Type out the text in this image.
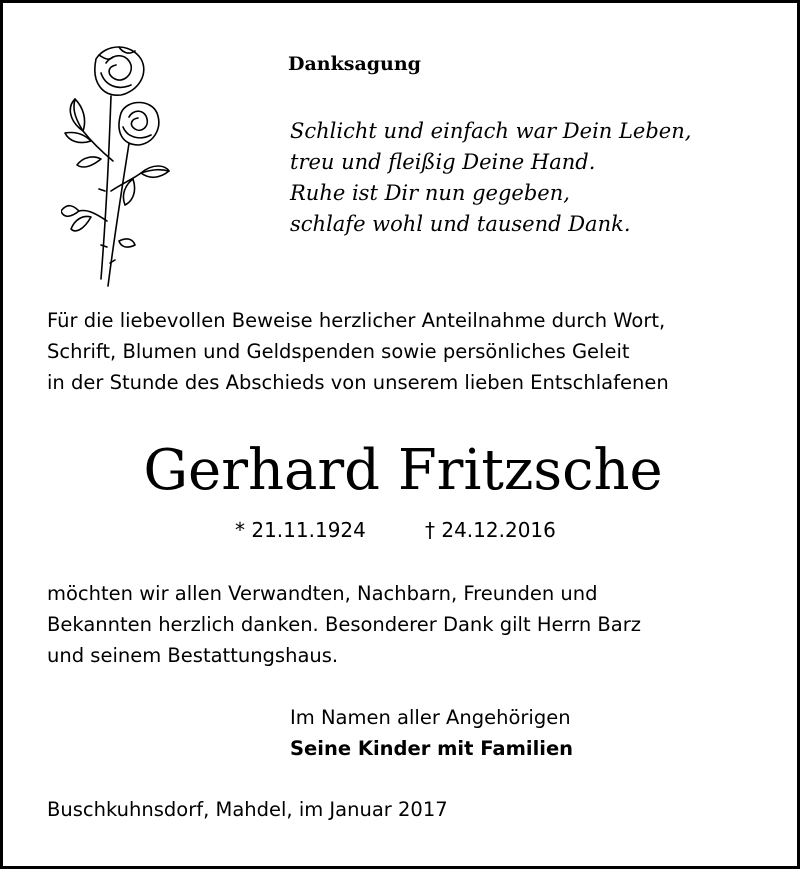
Danksagung
Schlicht und einfach war Dein Leben,
treu und fleißig Deine Hand.
Ruhe ist Dir nun gegeben,
schlafe wohl und tausend Dank.
Für die liebevollen Beweise herzlicher Anteilnahme durch Wort,
Schrift, Blumen und Geldspenden sowie persönliches Geleit
in der Stunde des Abschieds von unserem lieben Entschlafenen
Gerhard Fritzsche
* 21.11.1924	† 24.12.2016
möchten wir allen Verwandten, Nachbarn, Freunden und
Bekannten herzlich danken. Besonderer Dank gilt Herrn Barz
und seinem Bestattungshaus.
Im Namen aller Angehörigen
Seine Kinder mit Familien
Buschkuhnsdorf, Mahdel, im Januar 2017
